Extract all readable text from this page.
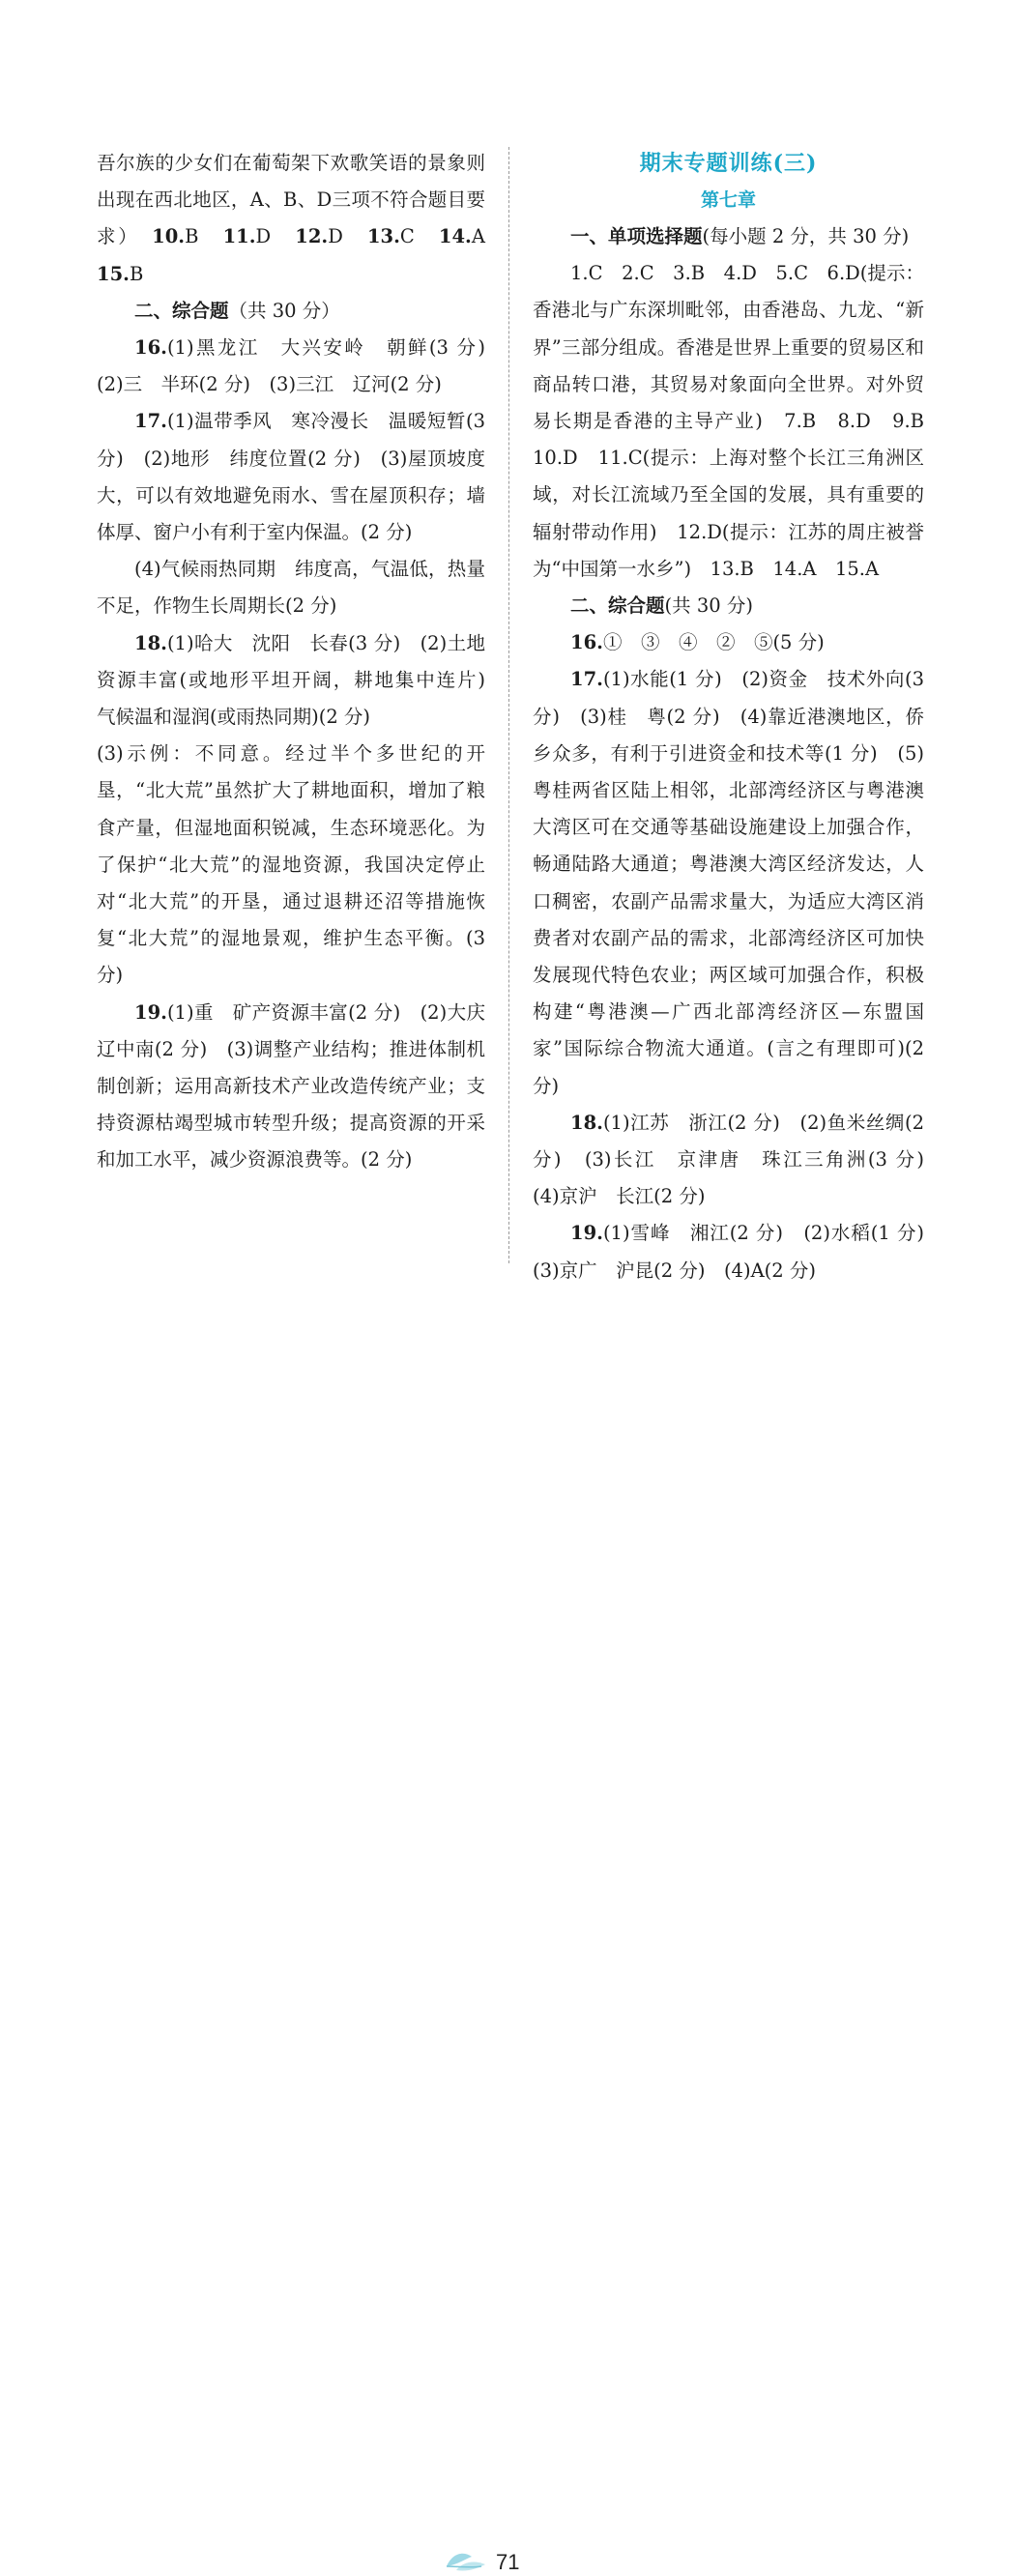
吾尔族的少女们在葡萄架下欢歌笑语的景象则出现在西北地区，A、B、D三项不符合题目要求）　 10.B　 11.D　 12.D　 13.C　 14.A　15.B

二、综合题（共 30 分）

16.(1)黑龙江　大兴安岭　朝鲜(3 分)　(2)三　半环(2 分)　(3)三江　辽河(2 分)

17.(1)温带季风　寒冷漫长　温暖短暂(3 分)　(2)地形　纬度位置(2 分)　(3)屋顶坡度大，可以有效地避免雨水、雪在屋顶积存；墙体厚、窗户小有利于室内保温。(2 分)

(4)气候雨热同期　纬度高，气温低，热量不足，作物生长周期长(2 分)

18.(1)哈大　沈阳　长春(3 分)　(2)土地资源丰富(或地形平坦开阔，耕地集中连片)　气候温和湿润(或雨热同期)(2 分)

(3)示例：不同意。经过半个多世纪的开垦，“北大荒”虽然扩大了耕地面积，增加了粮食产量，但湿地面积锐减，生态环境恶化。为了保护“北大荒”的湿地资源，我国决定停止对“北大荒”的开垦，通过退耕还沼等措施恢复“北大荒”的湿地景观，维护生态平衡。(3 分)

19.(1)重　矿产资源丰富(2 分)　(2)大庆　辽中南(2 分)　(3)调整产业结构；推进体制机制创新；运用高新技术产业改造传统产业；支持资源枯竭型城市转型升级；提高资源的开采和加工水平，减少资源浪费等。(2 分)

期末专题训练(三)
第七章

一、单项选择题(每小题 2 分，共 30 分)

1.C　2.C　3.B　4.D　5.C　6.D(提示：香港北与广东深圳毗邻，由香港岛、九龙、“新界”三部分组成。香港是世界上重要的贸易区和商品转口港，其贸易对象面向全世界。对外贸易长期是香港的主导产业)　7.B　8.D　9.B　10.D　11.C(提示：上海对整个长江三角洲区域，对长江流域乃至全国的发展，具有重要的辐射带动作用)　12.D(提示：江苏的周庄被誉为“中国第一水乡”)　13.B　14.A　15.A

二、综合题(共 30 分)

16.①　③　④　②　⑤(5 分)

17.(1)水能(1 分)　(2)资金　技术外向(3 分)　(3)桂　粤(2 分)　(4)靠近港澳地区，侨乡众多，有利于引进资金和技术等(1 分)　(5)粤桂两省区陆上相邻，北部湾经济区与粤港澳大湾区可在交通等基础设施建设上加强合作，畅通陆路大通道；粤港澳大湾区经济发达，人口稠密，农副产品需求量大，为适应大湾区消费者对农副产品的需求，北部湾经济区可加快发展现代特色农业；两区域可加强合作，积极构建“粤港澳—广西北部湾经济区—东盟国家”国际综合物流大通道。(言之有理即可)(2 分)

18.(1)江苏　浙江(2 分)　(2)鱼米丝绸(2 分)　(3)长江　京津唐　珠江三角洲(3 分)　(4)京沪　长江(2 分)

19.(1)雪峰　湘江(2 分)　(2)水稻(1 分)　(3)京广　沪昆(2 分)　(4)A(2 分)

71
